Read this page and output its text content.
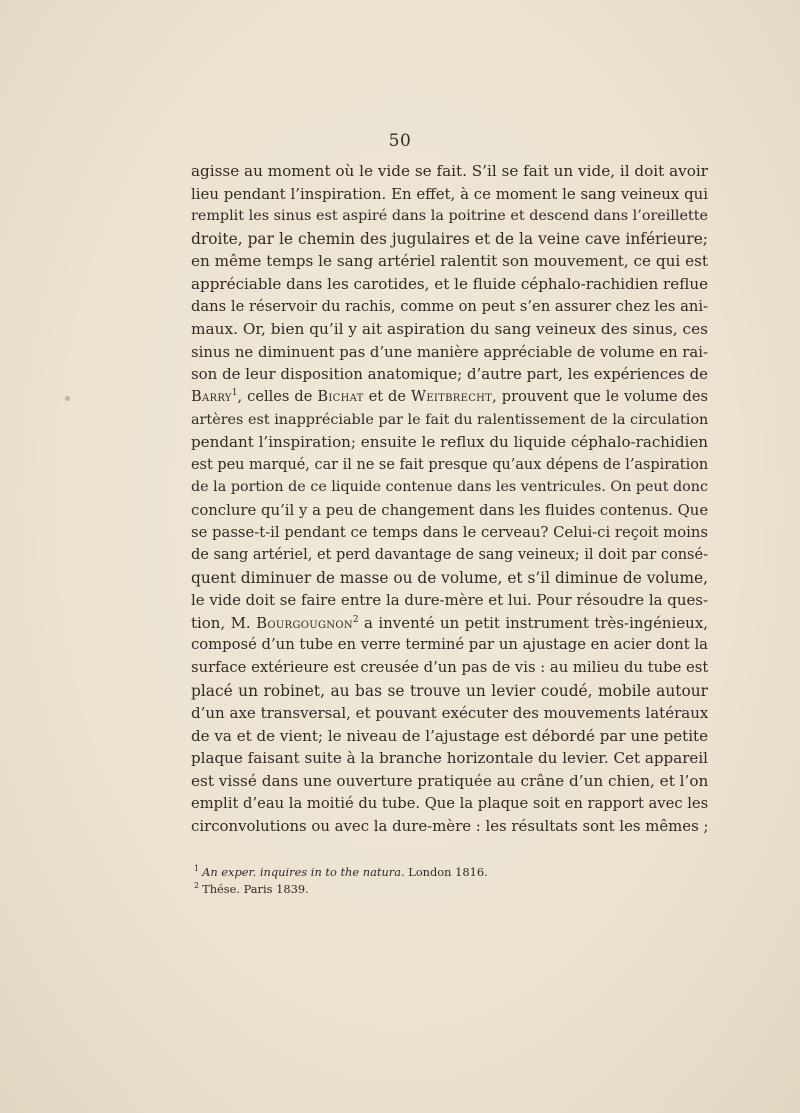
50
agisse au moment où le vide se fait. S’il se fait un vide, il doit avoir
lieu pendant l’inspiration. En effet, à ce moment le sang veineux qui
remplit les sinus est aspiré dans la poitrine et descend dans l’oreillette
droite, par le chemin des jugulaires et de la veine cave inférieure;
en même temps le sang artériel ralentit son mouvement, ce qui est
appréciable dans les carotides, et le fluide céphalo-rachidien reflue
dans le réservoir du rachis, comme on peut s’en assurer chez les ani-
maux. Or, bien qu’il y ait aspiration du sang veineux des sinus, ces
sinus ne diminuent pas d’une manière appréciable de volume en rai-
son de leur disposition anatomique; d’autre part, les expériences de
Barry$^1$, celles de Bichat et de Weitbrecht, prouvent que le volume des
artères est inappréciable par le fait du ralentissement de la circulation
pendant l’inspiration; ensuite le reflux du liquide céphalo-rachidien
est peu marqué, car il ne se fait presque qu’aux dépens de l’aspiration
de la portion de ce liquide contenue dans les ventricules. On peut donc
conclure qu’il y a peu de changement dans les fluides contenus. Que
se passe-t-il pendant ce temps dans le cerveau? Celui-ci reçoit moins
de sang artériel, et perd davantage de sang veineux; il doit par consé-
quent diminuer de masse ou de volume, et s’il diminue de volume,
le vide doit se faire entre la dure-mère et lui. Pour résoudre la ques-
tion, M. Bourgougnon$^2$ a inventé un petit instrument très-ingénieux,
composé d’un tube en verre terminé par un ajustage en acier dont la
surface extérieure est creusée d’un pas de vis : au milieu du tube est
placé un robinet, au bas se trouve un levier coudé, mobile autour
d’un axe transversal, et pouvant exécuter des mouvements latéraux
de va et de vient; le niveau de l’ajustage est débordé par une petite
plaque faisant suite à la branche horizontale du levier. Cet appareil
est vissé dans une ouverture pratiquée au crâne d’un chien, et l’on
emplit d’eau la moitié du tube. Que la plaque soit en rapport avec les
circonvolutions ou avec la dure-mère : les résultats sont les mêmes ;
$^1$ An exper. inquires in to the natura. London 1816.
$^2$ Thése. Paris 1839.
